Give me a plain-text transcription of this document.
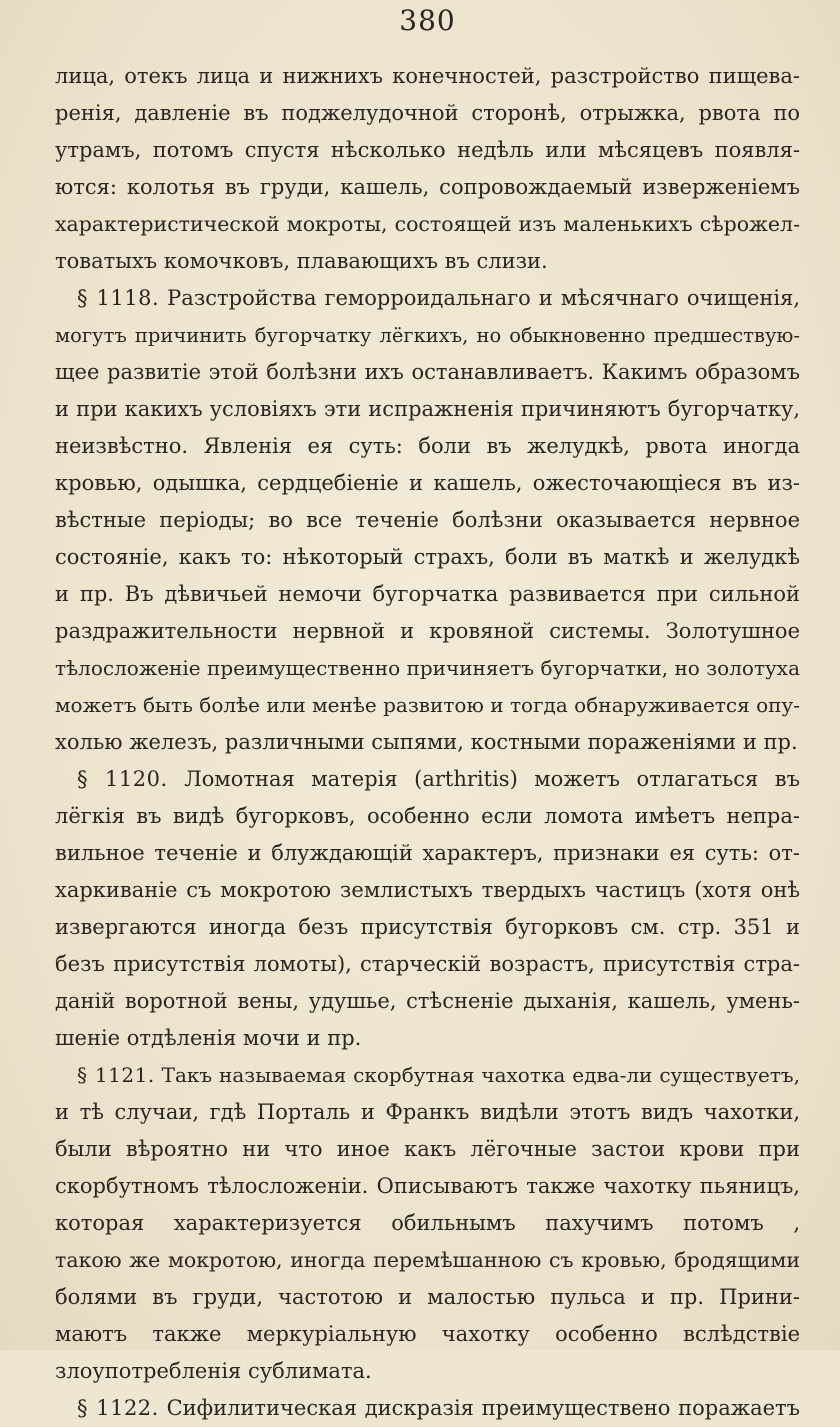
380
лица, отекъ лица и нижнихъ конечностей, разстройство пищева-
ренія, давленіе въ поджелудочной сторонѣ, отрыжка, рвота по
утрамъ, потомъ спустя нѣсколько недѣль или мѣсяцевъ появля-
ются: колотья въ груди, кашель, сопровождаемый изверженіемъ
характеристической мокроты, состоящей изъ маленькихъ сѣрожел-
товатыхъ комочковъ, плавающихъ въ слизи.
§ 1118. Разстройства геморроидальнаго и мѣсячнаго очищенія,
могутъ причинить бугорчатку лёгкихъ, но обыкновенно предшествую-
щее развитіе этой болѣзни ихъ останавливаетъ. Какимъ образомъ
и при какихъ условіяхъ эти испражненія причиняютъ бугорчатку,
неизвѣстно. Явленія ея суть: боли въ желудкѣ, рвота иногда
кровью, одышка, сердцебіеніе и кашель, ожесточающіеся въ из-
вѣстные періоды; во все теченіе болѣзни оказывается нервное
состояніе, какъ то: нѣкоторый страхъ, боли въ маткѣ и желудкѣ
и пр. Въ дѣвичьей немочи бугорчатка развивается при сильной
раздражительности нервной и кровяной системы. Золотушное
тѣлосложеніе преимущественно причиняетъ бугорчатки, но золотуха
можетъ быть болѣе или менѣе развитою и тогда обнаруживается опу-
холью железъ, различными сыпями, костными пораженіями и пр.
§ 1120. Ломотная матерія (arthritis) можетъ отлагаться въ
лёгкія въ видѣ бугорковъ, особенно если ломота имѣетъ непра-
вильное теченіе и блуждающій характеръ, признаки ея суть: от-
харкиваніе съ мокротою землистыхъ твердыхъ частицъ (хотя онѣ
извергаются иногда безъ присутствія бугорковъ см. стр. 351 и
безъ присутствія ломоты), старческій возрастъ, присутствія стра-
даній воротной вены, удушье, стѣсненіе дыханія, кашель, умень-
шеніе отдѣленія мочи и пр.
§ 1121. Такъ называемая скорбутная чахотка едва-ли существуетъ,
и тѣ случаи, гдѣ Порталь и Франкъ видѣли этотъ видъ чахотки,
были вѣроятно ни что иное какъ лёгочные застои крови при
скорбутномъ тѣлосложеніи. Описываютъ также чахотку пьяницъ,
которая характеризуется обильнымъ пахучимъ потомъ ,
такою же мокротою, иногда перемѣшанною съ кровью, бродящими
болями въ груди, частотою и малостью пульса и пр. Прини-
маютъ также меркуріальную чахотку особенно вслѣдствіе
злоупотребленія сублимата.
§ 1122. Сифилитическая дискразія преимуществено поражаетъ
